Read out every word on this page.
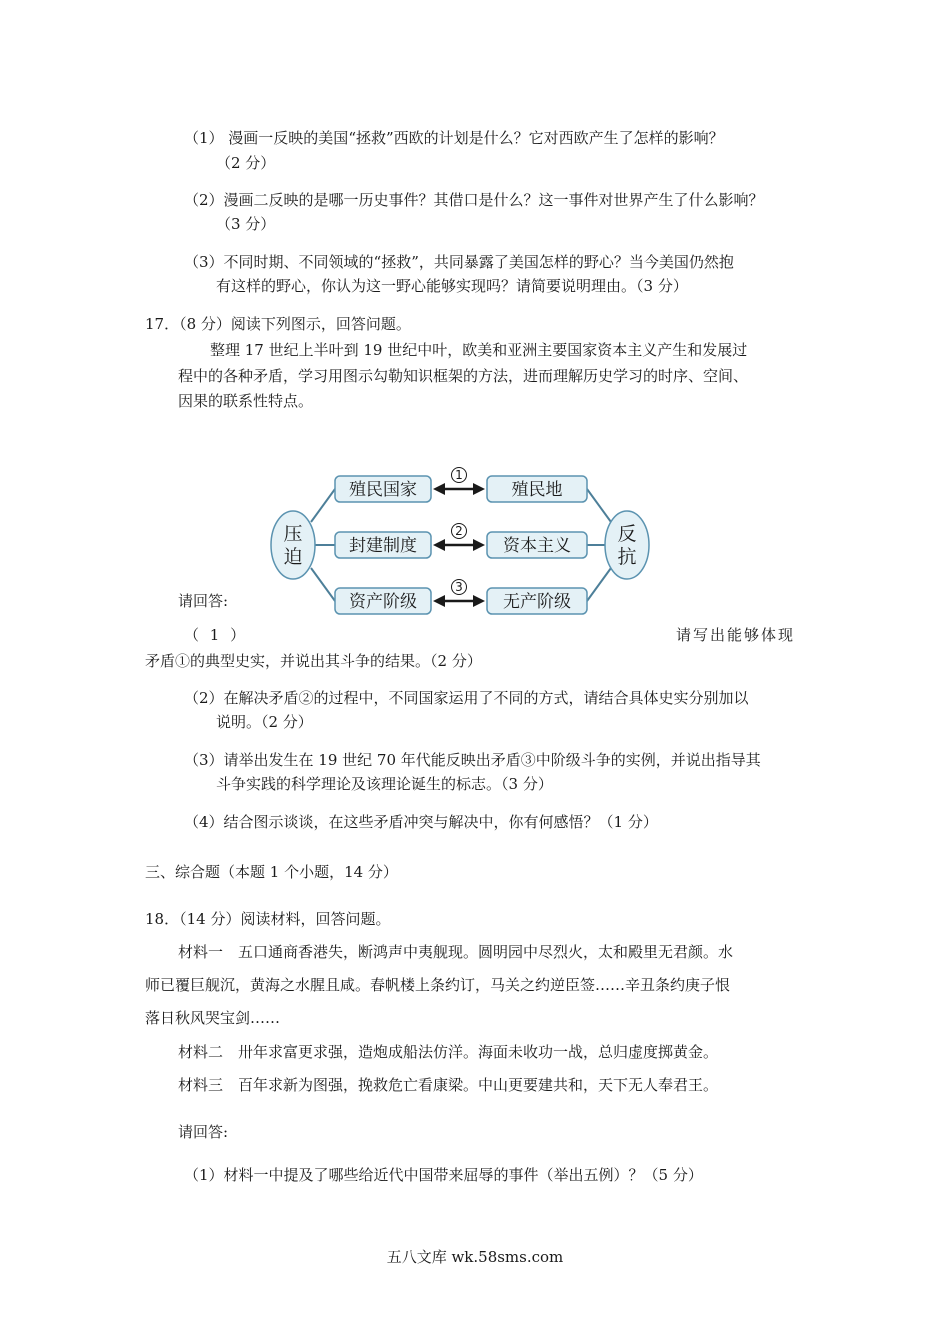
（1） 漫画一反映的美国“拯救”西欧的计划是什么？它对西欧产生了怎样的影响？
（2 分）
（2）漫画二反映的是哪一历史事件？其借口是什么？这一事件对世界产生了什么影响？
（3 分）
（3）不同时期、不同领域的“拯救”，共同暴露了美国怎样的野心？当今美国仍然抱
有这样的野心，你认为这一野心能够实现吗？请简要说明理由。（3 分）
17．（8 分）阅读下列图示，回答问题。
整理 17 世纪上半叶到 19 世纪中叶，欧美和亚洲主要国家资本主义产生和发展过
程中的各种矛盾，学习用图示勾勒知识框架的方法，进而理解历史学习的时序、空间、
因果的联系性特点。
压
迫
反
抗
殖民国家	殖民地
1
封建制度	资本主义
2
资产阶级	无产阶级
3
请回答:
（ 1 ）	请写出能够体现
矛盾①的典型史实，并说出其斗争的结果。（2 分）
（2）在解决矛盾②的过程中，不同国家运用了不同的方式，请结合具体史实分别加以
说明。（2 分）
（3）请举出发生在 19 世纪 70 年代能反映出矛盾③中阶级斗争的实例，并说出指导其
斗争实践的科学理论及该理论诞生的标志。（3 分）
（4）结合图示谈谈，在这些矛盾冲突与解决中，你有何感悟？（1 分）
三、综合题（本题 1 个小题，14 分）
18．（14 分）阅读材料，回答问题。
材料一　五口通商香港失，断鸿声中夷舰现。圆明园中尽烈火，太和殿里无君颜。水
师已覆巨舰沉，黄海之水腥且咸。春帆楼上条约订，马关之约逆臣签……辛丑条约庚子恨
落日秋风哭宝剑……
材料二　卅年求富更求强，造炮成船法仿洋。海面未收功一战，总归虚度掷黄金。
材料三　百年求新为图强，挽救危亡看康梁。中山更要建共和，天下无人奉君王。
请回答:
（1）材料一中提及了哪些给近代中国带来屈辱的事件（举出五例）？（5 分）
五八文库 wk.58sms.com
